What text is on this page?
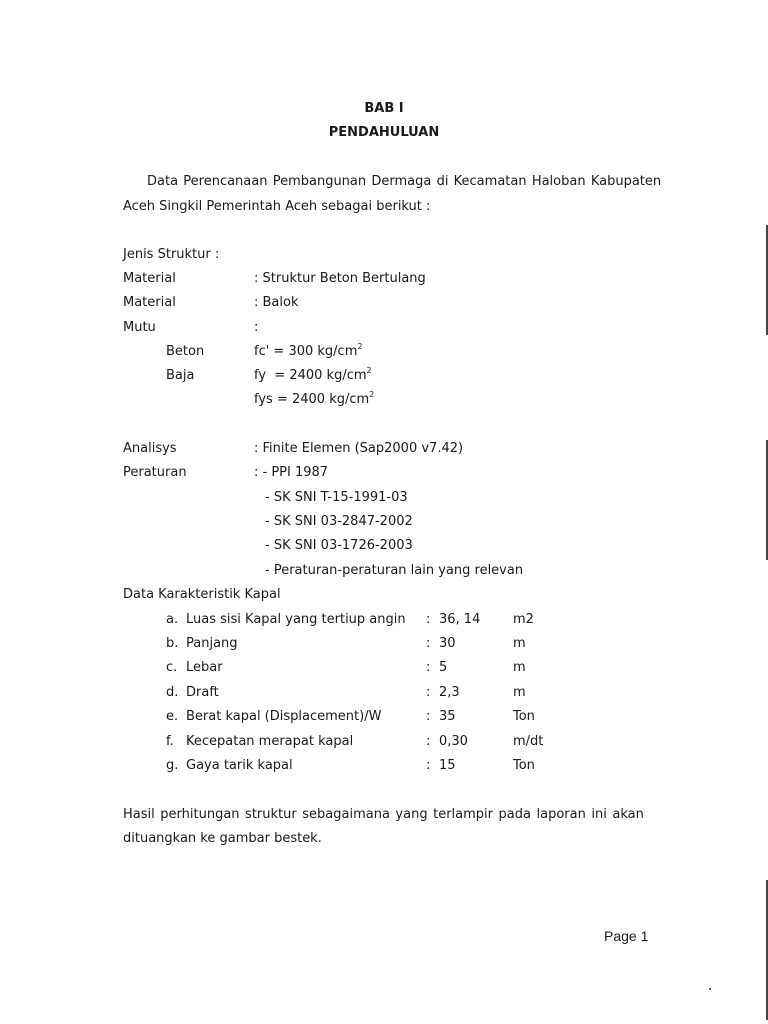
BAB I
PENDAHULUAN
Data Perencanaan Pembangunan Dermaga di Kecamatan Haloban Kabupaten
Aceh Singkil Pemerintah Aceh sebagai berikut :
Jenis Struktur :
Material	: Struktur Beton Bertulang
Material	: Balok
Mutu	:
Beton	fc' = 300 $kg/cm^2$
Baja	fy  = 2400 $kg/cm^2$
fys = 2400 $kg/cm^2$
Analisys	: Finite Elemen (Sap2000 v7.42)
Peraturan	: - PPI 1987
- SK SNI T-15-1991-03
- SK SNI 03-2847-2002
- SK SNI 03-1726-2003
- Peraturan-peraturan lain yang relevan
Data Karakteristik Kapal
a. Luas sisi Kapal yang tertiup angin : 36, 14	m2
b. Panjang	: 30	m
c. Lebar	: 5	m
d. Draft	: 2,3	m
e. Berat kapal (Displacement)/W	: 35	Ton
f. Kecepatan merapat kapal	: 0,30	m/dt
g. Gaya tarik kapal	: 15	Ton
Hasil perhitungan struktur sebagaimana yang terlampir pada laporan ini akan
dituangkan ke gambar bestek.
Page 1
